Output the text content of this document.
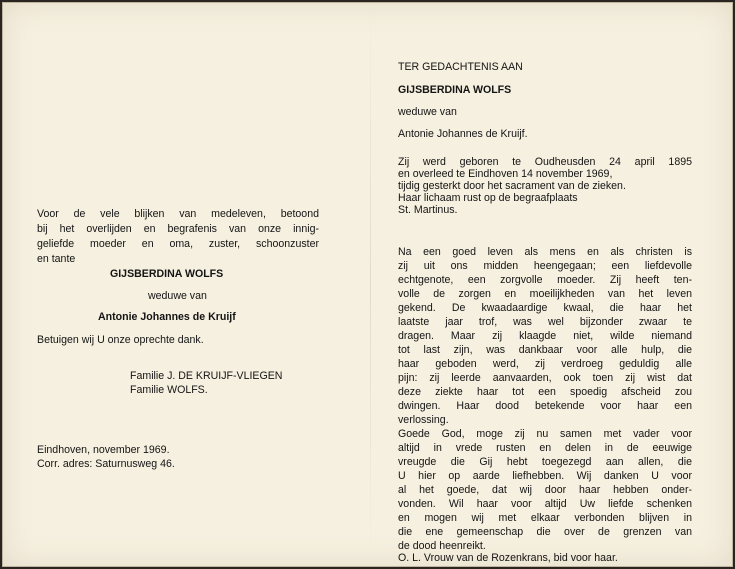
Voor de vele blijken van medeleven, betoond
bij het overlijden en begrafenis van onze innig-
geliefde moeder en oma, zuster, schoonzuster
en tante
GIJSBERDINA WOLFS
weduwe van
Antonie Johannes de Kruijf
Betuigen wij U onze oprechte dank.
Familie J. DE KRUIJF-VLIEGEN
Familie WOLFS.
Eindhoven, november 1969.
Corr. adres: Saturnusweg 46.
TER GEDACHTENIS AAN
GIJSBERDINA WOLFS
weduwe van
Antonie Johannes de Kruijf.
Zij werd geboren te Oudheusden 24 april 1895
en overleed te Eindhoven 14 november 1969,
tijdig gesterkt door het sacrament van de zieken.
Haar lichaam rust op de begraafplaats
St. Martinus.
Na een goed leven als mens en als christen is
zij uit ons midden heengegaan; een liefdevolle
echtgenote, een zorgvolle moeder. Zij heeft ten-
volle de zorgen en moeilijkheden van het leven
gekend. De kwaadaardige kwaal, die haar het
laatste jaar trof, was wel bijzonder zwaar te
dragen. Maar zij klaagde niet, wilde niemand
tot last zijn, was dankbaar voor alle hulp, die
haar geboden werd, zij verdroeg geduldig alle
pijn: zij leerde aanvaarden, ook toen zij wist dat
deze ziekte haar tot een spoedig afscheid zou
dwingen. Haar dood betekende voor haar een
verlossing.
Goede God, moge zij nu samen met vader voor
altijd in vrede rusten en delen in de eeuwige
vreugde die Gij hebt toegezegd aan allen, die
U hier op aarde liefhebben. Wij danken U voor
al het goede, dat wij door haar hebben onder-
vonden. Wil haar voor altijd Uw liefde schenken
en mogen wij met elkaar verbonden blijven in
die ene gemeenschap die over de grenzen van
de dood heenreikt.
O. L. Vrouw van de Rozenkrans, bid voor haar.
